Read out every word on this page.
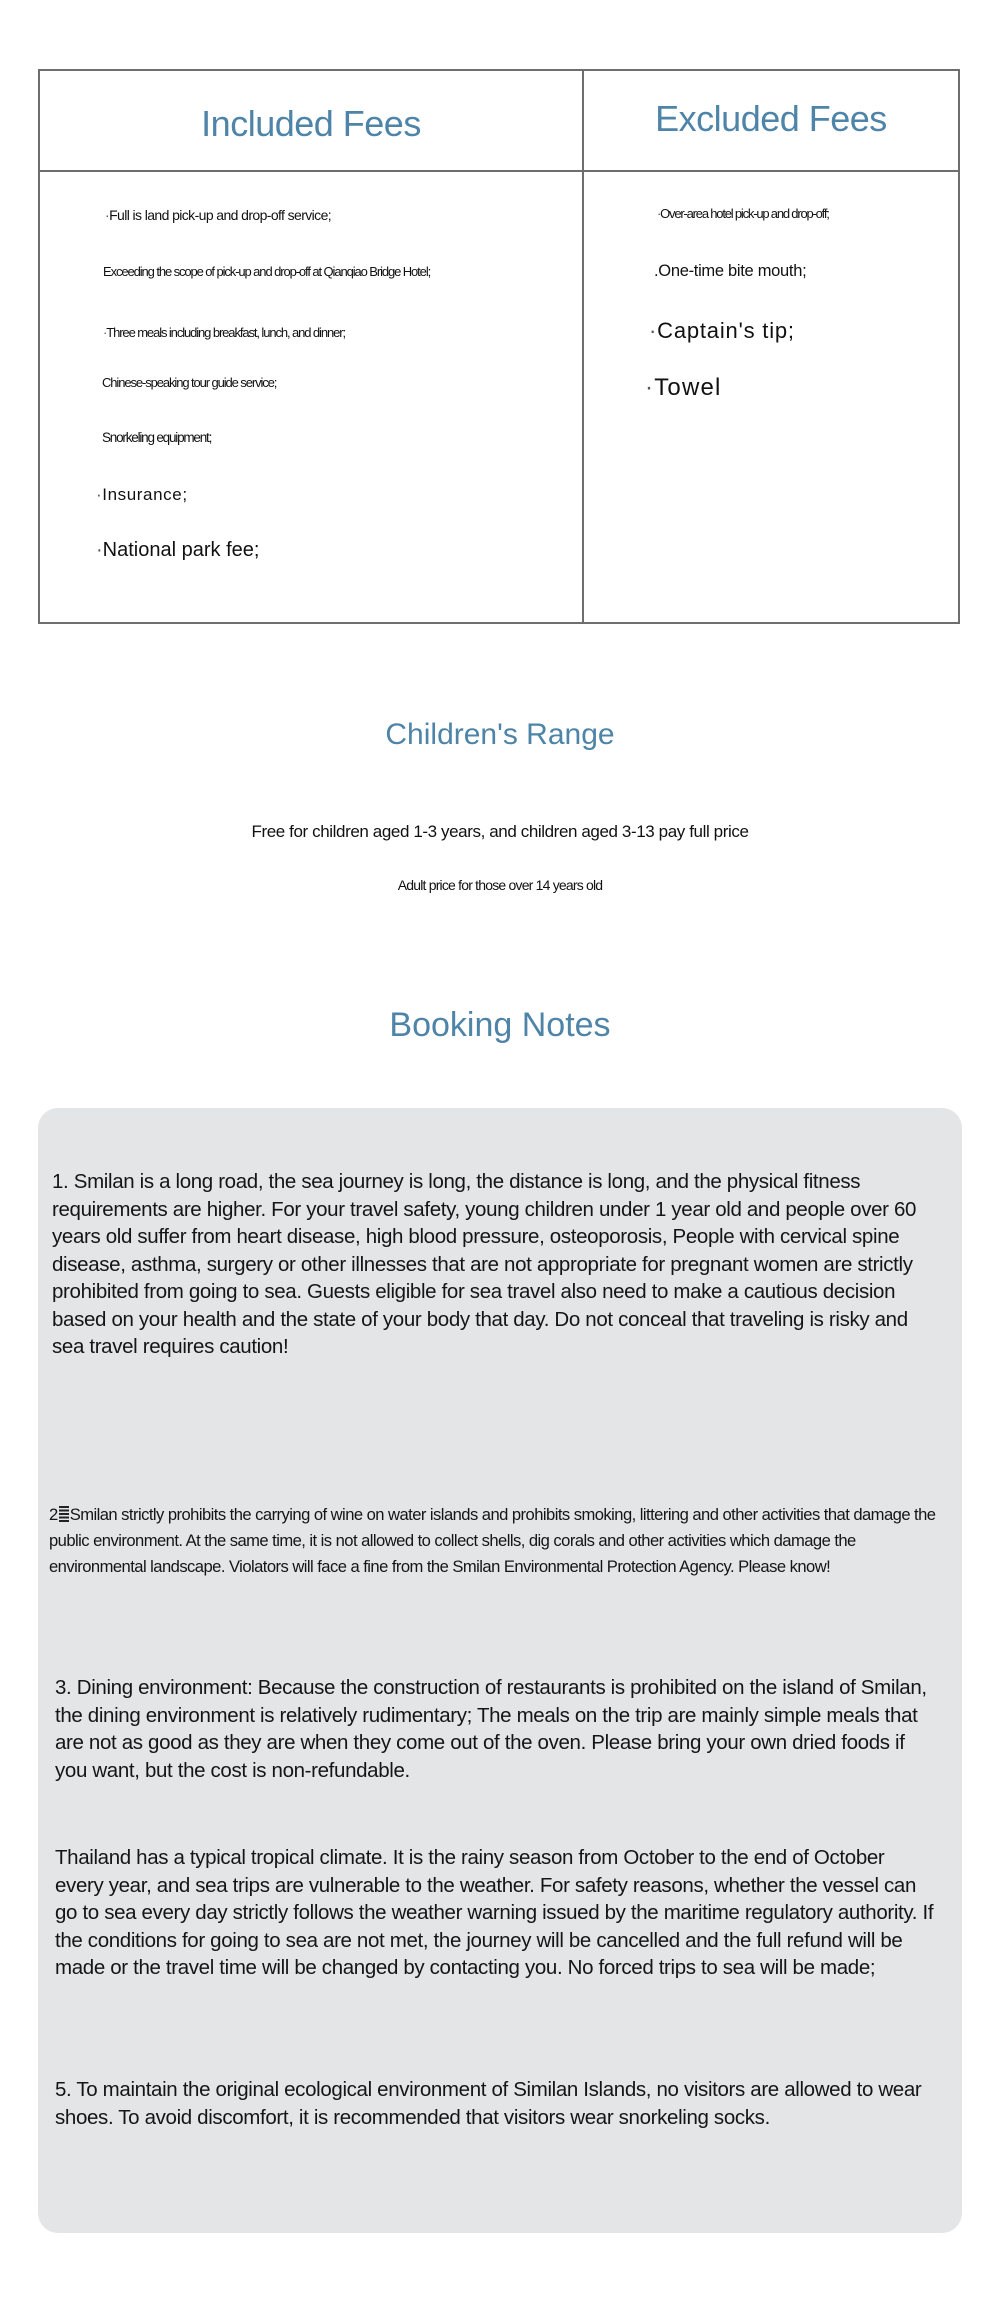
Included Fees	Excluded Fees
·Full is land pick-up and drop-off service;
Exceeding the scope of pick-up and drop-off at Qianqiao Bridge Hotel;
·Three meals including breakfast, lunch, and dinner;
Chinese-speaking tour guide service;
Snorkeling equipment;
·Insurance;
·National park fee;
·Over-area hotel pick-up and drop-off;
.One-time bite mouth;
·Captain's tip;
·Towel
Children's Range
Free for children aged 1-3 years, and children aged 3-13 pay full price
Adult price for those over 14 years old
Booking Notes

1. Smilan is a long road, the sea journey is long, the distance is long, and the physical fitness requirements are higher. For your travel safety, young children under 1 year old and people over 60 years old suffer from heart disease, high blood pressure, osteoporosis, People with cervical spine disease, asthma, surgery or other illnesses that are not appropriate for pregnant women are strictly prohibited from going to sea. Guests eligible for sea travel also need to make a cautious decision based on your health and the state of your body that day. Do not conceal that traveling is risky and sea travel requires caution!

2 Smilan strictly prohibits the carrying of wine on water islands and prohibits smoking, littering and other activities that damage the public environment. At the same time, it is not allowed to collect shells, dig corals and other activities which damage the environmental landscape. Violators will face a fine from the Smilan Environmental Protection Agency. Please know!

3. Dining environment: Because the construction of restaurants is prohibited on the island of Smilan, the dining environment is relatively rudimentary; The meals on the trip are mainly simple meals that are not as good as they are when they come out of the oven. Please bring your own dried foods if you want, but the cost is non-refundable.

Thailand has a typical tropical climate. It is the rainy season from October to the end of October every year, and sea trips are vulnerable to the weather. For safety reasons, whether the vessel can go to sea every day strictly follows the weather warning issued by the maritime regulatory authority. If the conditions for going to sea are not met, the journey will be cancelled and the full refund will be made or the travel time will be changed by contacting you. No forced trips to sea will be made;

5. To maintain the original ecological environment of Similan Islands, no visitors are allowed to wear shoes. To avoid discomfort, it is recommended that visitors wear snorkeling socks.
